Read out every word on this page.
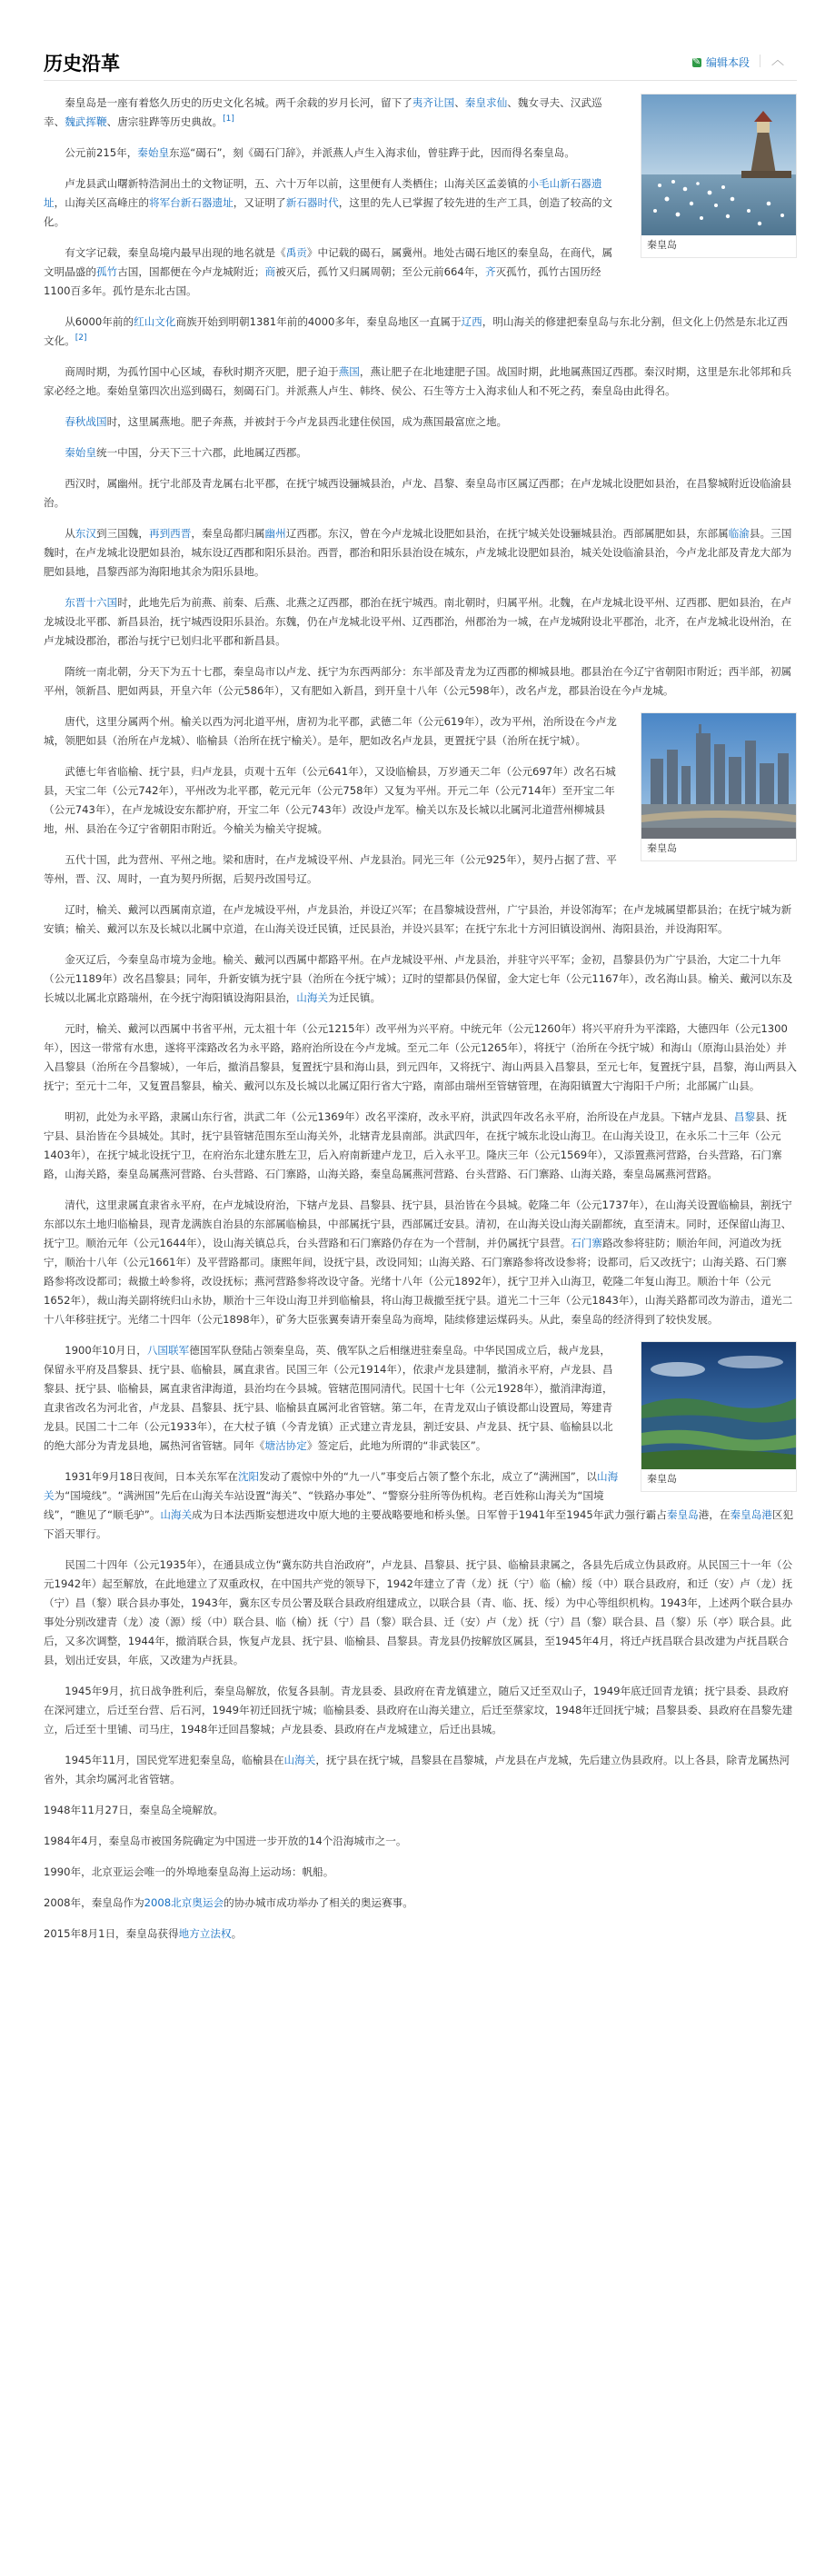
历史沿革
✎	编辑本段 ︿
秦皇岛

秦皇岛是一座有着悠久历史的历史文化名城。两千余载的岁月长河，留下了夷齐让国、秦皇求仙、魏女寻夫、汉武巡幸、魏武挥鞭、唐宗驻跸等历史典故。[1]

公元前215年，秦始皇东巡“碣石”，刻《碣石门辞》，并派燕人卢生入海求仙，曾驻跸于此，因而得名秦皇岛。

卢龙县武山曙新特浩洞出土的文物证明，五、六十万年以前，这里便有人类栖住；山海关区孟姜镇的小毛山新石器遗址，山海关区高峰庄的将军台新石器遗址，又证明了新石器时代，这里的先人已掌握了较先进的生产工具，创造了较高的文化。

有文字记载，秦皇岛境内最早出现的地名就是《禹贡》中记载的碣石，属冀州。地处古碣石地区的秦皇岛，在商代，属文明晶盛的孤竹古国，国都便在今卢龙城附近；商被灭后，孤竹又归属周朝；至公元前664年，齐灭孤竹，孤竹古国历经1100百多年。孤竹是东北古国。

从6000年前的红山文化商族开始到明朝1381年前的4000多年，秦皇岛地区一直属于辽西，明山海关的修建把秦皇岛与东北分割，但文化上仍然是东北辽西文化。[2]

商周时期，为孤竹国中心区域，春秋时期齐灭肥，肥子迫于燕国，燕让肥子在北地建肥子国。战国时期，此地属燕国辽西郡。秦汉时期，这里是东北邻邦和兵家必经之地。秦始皇第四次出巡到碣石，刻碣石门。并派燕人卢生、韩终、侯公、石生等方士入海求仙人和不死之药，秦皇岛由此得名。

春秋战国时，这里属燕地。肥子奔燕，并被封于今卢龙县西北建住侯国，成为燕国最富庶之地。

秦始皇统一中国，分天下三十六郡，此地属辽西郡。

西汉时，属幽州。抚宁北部及青龙属右北平郡，在抚宁城西设骊城县治，卢龙、昌黎、秦皇岛市区属辽西郡；在卢龙城北设肥如县治，在昌黎城附近设临渝县治。

从东汉到三国魏，再到西晋，秦皇岛都归属幽州辽西郡。东汉，曾在今卢龙城北设肥如县治，在抚宁城关处设骊城县治。西部属肥如县，东部属临渝县。三国魏时，在卢龙城北设肥如县治，城东设辽西郡和阳乐县治。西晋，郡治和阳乐县治设在城东，卢龙城北设肥如县治，城关处设临渝县治，今卢龙北部及青龙大部为肥如县地，昌黎西部为海阳地其余为阳乐县地。

东晋十六国时，此地先后为前燕、前秦、后燕、北燕之辽西郡，郡治在抚宁城西。南北朝时，归属平州。北魏，在卢龙城北设平州、辽西郡、肥如县治，在卢龙城设北平郡、新昌县治，抚宁城西设阳乐县治。东魏，仍在卢龙城北设平州、辽西郡治，州郡治为一城，在卢龙城附设北平郡治，北齐，在卢龙城北设州治，在卢龙城设郡治，郡治与抚宁已划归北平郡和新昌县。

隋统一南北朝，分天下为五十七郡，秦皇岛市以卢龙、抚宁为东西两部分：东半部及青龙为辽西郡的柳城县地。郡县治在今辽宁省朝阳市附近；西半部，初属平州，领新昌、肥如两县，开皇六年（公元586年），又有肥如入新昌，到开皇十八年（公元598年），改名卢龙，郡县治设在今卢龙城。

秦皇岛

唐代，这里分属两个州。榆关以西为河北道平州，唐初为北平郡，武德二年（公元619年），改为平州，治所设在今卢龙城，领肥如县（治所在卢龙城）、临榆县（治所在抚宁榆关）。是年，肥如改名卢龙县，更置抚宁县（治所在抚宁城）。

武德七年省临榆、抚宁县，归卢龙县，贞观十五年（公元641年），又设临榆县，万岁通天二年（公元697年）改名石城县，天宝二年（公元742年），平州改为北平郡，乾元元年（公元758年）又复为平州。开元二年（公元714年）至开宝二年（公元743年），在卢龙城设安东都护府，开宝二年（公元743年）改设卢龙军。榆关以东及长城以北属河北道营州柳城县地，州、县治在今辽宁省朝阳市附近。今榆关为榆关守捉城。

五代十国，此为营州、平州之地。梁和唐时，在卢龙城设平州、卢龙县治。同光三年（公元925年），契丹占据了营、平等州，晋、汉、周时，一直为契丹所据，后契丹改国号辽。

辽时，榆关、戴河以西属南京道，在卢龙城设平州，卢龙县治，并设辽兴军；在昌黎城设营州，广宁县治，并设邻海军；在卢龙城属望都县治；在抚宁城为新安镇；榆关、戴河以东及长城以北属中京道，在山海关设迁民镇，迁民县治，并设兴县军；在抚宁东北十方河旧镇设润州、海阳县治，并设海阳军。

金灭辽后，今秦皇岛市境为金地。榆关、戴河以西属中都路平州。在卢龙城设平州、卢龙县治，并驻守兴平军；金初，昌黎县仍为广宁县治，大定二十九年（公元1189年）改名昌黎县；同年，升新安镇为抚宁县（治所在今抚宁城）；辽时的望都县仍保留，金大定七年（公元1167年），改名海山县。榆关、戴河以东及长城以北属北京路瑞州，在今抚宁海阳镇设海阳县治，山海关为迁民镇。

元时，榆关、戴河以西属中书省平州，元太祖十年（公元1215年）改平州为兴平府。中统元年（公元1260年）将兴平府升为平滦路，大德四年（公元1300年），因这一带常有水患，遂将平滦路改名为永平路，路府治所设在今卢龙城。至元二年（公元1265年），将抚宁（治所在今抚宁城）和海山（原海山县治处）并入昌黎县（治所在今昌黎城），一年后，撤消昌黎县，复置抚宁县和海山县，到元四年，又将抚宁、海山两县入昌黎县，至元七年，复置抚宁县，昌黎，海山两县入抚宁；至元十二年，又复置昌黎县，榆关、戴河以东及长城以北属辽阳行省大宁路，南部由瑞州至管辖管理，在海阳镇置大宁海阳千户所；北部属广山县。

明初，此处为永平路，隶属山东行省，洪武二年（公元1369年）改名平滦府，改永平府，洪武四年改名永平府，治所设在卢龙县。下辖卢龙县、昌黎县、抚宁县、县治皆在今县城处。其时，抚宁县管辖范围东至山海关外，北辖青龙县南部。洪武四年，在抚宁城东北设山海卫。在山海关设卫，在永乐二十三年（公元1403年），在抚宁城北设抚宁卫，在府治东北建东胜左卫，后入府南新建卢龙卫，后入永平卫。隆庆三年（公元1569年），又添置燕河营路，台头营路，石门寨路，山海关路，秦皇岛属燕河营路、台头营路、石门寨路，山海关路，秦皇岛属燕河营路、台头营路、石门寨路、山海关路，秦皇岛属燕河营路。

清代，这里隶属直隶省永平府，在卢龙城设府治，下辖卢龙县、昌黎县、抚宁县，县治皆在今县城。乾隆二年（公元1737年），在山海关设置临榆县，割抚宁东部以东土地归临榆县，现青龙满族自治县的东部属临榆县，中部属抚宁县，西部属迁安县。清初，在山海关设山海关副都统，直至清末。同时，还保留山海卫、抚宁卫。顺治元年（公元1644年），设山海关镇总兵，台头营路和石门寨路仍存在为一个营制，并仍属抚宁县营。石门寨路改参将驻防；顺治年间，河道改为抚宁，顺治十八年（公元1661年）及平营路都司。康熙年间，设抚宁县，改设同知；山海关路、石门寨路参将改设参将；设都司，后又改抚宁；山海关路、石门寨路参将改设都司；裁撤土岭参将，改设抚标；燕河营路参将改设守备。光绪十八年（公元1892年），抚宁卫并入山海卫，乾隆二年复山海卫。顺治十年（公元1652年），裁山海关副将统归山永协，顺治十三年设山海卫并到临榆县，将山海卫裁撤至抚宁县。道光二十三年（公元1843年），山海关路都司改为游击，道光二十八年移驻抚宁。光绪二十四年（公元1898年），矿务大臣张翼奏请开秦皇岛为商埠，陆续修建运煤码头。从此，秦皇岛的经济得到了较快发展。

秦皇岛

1900年10月日，八国联军德国军队登陆占领秦皇岛，英、俄军队之后相继进驻秦皇岛。中华民国成立后，裁卢龙县，保留永平府及昌黎县、抚宁县、临榆县，属直隶省。民国三年（公元1914年），依隶卢龙县建制，撤消永平府，卢龙县、昌黎县、抚宁县、临榆县，属直隶省津海道，县治均在今县城。管辖范围同清代。民国十七年（公元1928年），撤消津海道，直隶省改名为河北省，卢龙县、昌黎县、抚宁县、临榆县直属河北省管辖。第二年，在青龙双山子镇设都山设置局，筹建青龙县。民国二十二年（公元1933年），在大杖子镇（今青龙镇）正式建立青龙县，割迁安县、卢龙县、抚宁县、临榆县以北的绝大部分为青龙县地，属热河省管辖。同年《塘沽协定》签定后，此地为所谓的“非武装区”。

1931年9月18日夜间，日本关东军在沈阳发动了震惊中外的“九一八”事变后占领了整个东北，成立了“满洲国”，以山海关为“国境线”。“满洲国”先后在山海关车站设置“海关”、“铁路办事处”、“警察分驻所等伪机构。老百姓称山海关为“国境线”，“瞧见了“顺毛驴”。山海关成为日本法西斯妄想进攻中原大地的主要战略要地和桥头堡。日军曾于1941年至1945年武力强行霸占秦皇岛港，在秦皇岛港区犯下滔天罪行。

民国二十四年（公元1935年），在通县成立伪“冀东防共自治政府”，卢龙县、昌黎县、抚宁县、临榆县隶属之，各县先后成立伪县政府。从民国三十一年（公元1942年）起至解放，在此地建立了双重政权，在中国共产党的领导下，1942年建立了青（龙）抚（宁）临（榆）绥（中）联合县政府，和迁（安）卢（龙）抚（宁）昌（黎）联合县办事处，1943年，冀东区专员公署及联合县政府组建成立，以联合县（青、临、抚、绥）为中心等组织机构。1943年，上述两个联合县办事处分别改建青（龙）凌（源）绥（中）联合县、临（榆）抚（宁）昌（黎）联合县、迁（安）卢（龙）抚（宁）昌（黎）联合县、昌（黎）乐（亭）联合县。此后，又多次调整，1944年，撤消联合县，恢复卢龙县、抚宁县、临榆县、昌黎县。青龙县仍按解放区属县，至1945年4月，将迁卢抚昌联合县改建为卢抚昌联合县，划出迁安县，年底，又改建为卢抚县。

1945年9月，抗日战争胜利后，秦皇岛解放，依复各县制。青龙县委、县政府在青龙镇建立，随后又迁至双山子，1949年底迁回青龙镇；抚宁县委、县政府在深河建立，后迁至台营、后石河，1949年初迁回抚宁城；临榆县委、县政府在山海关建立，后迁至蔡家坟，1948年迁回抚宁城；昌黎县委、县政府在昌黎先建立，后迁至十里铺、司马庄，1948年迁回昌黎城；卢龙县委、县政府在卢龙城建立，后迁出县城。

1945年11月，国民党军进犯秦皇岛，临榆县在山海关，抚宁县在抚宁城，昌黎县在昌黎城，卢龙县在卢龙城，先后建立伪县政府。以上各县，除青龙属热河省外，其余均属河北省管辖。

1948年11月27日，秦皇岛全境解放。

1984年4月，秦皇岛市被国务院确定为中国进一步开放的14个沿海城市之一。

1990年，北京亚运会唯一的外埠地秦皇岛海上运动场：帆船。

2008年，秦皇岛作为2008北京奥运会的协办城市成功举办了相关的奥运赛事。

2015年8月1日，秦皇岛获得地方立法权。
